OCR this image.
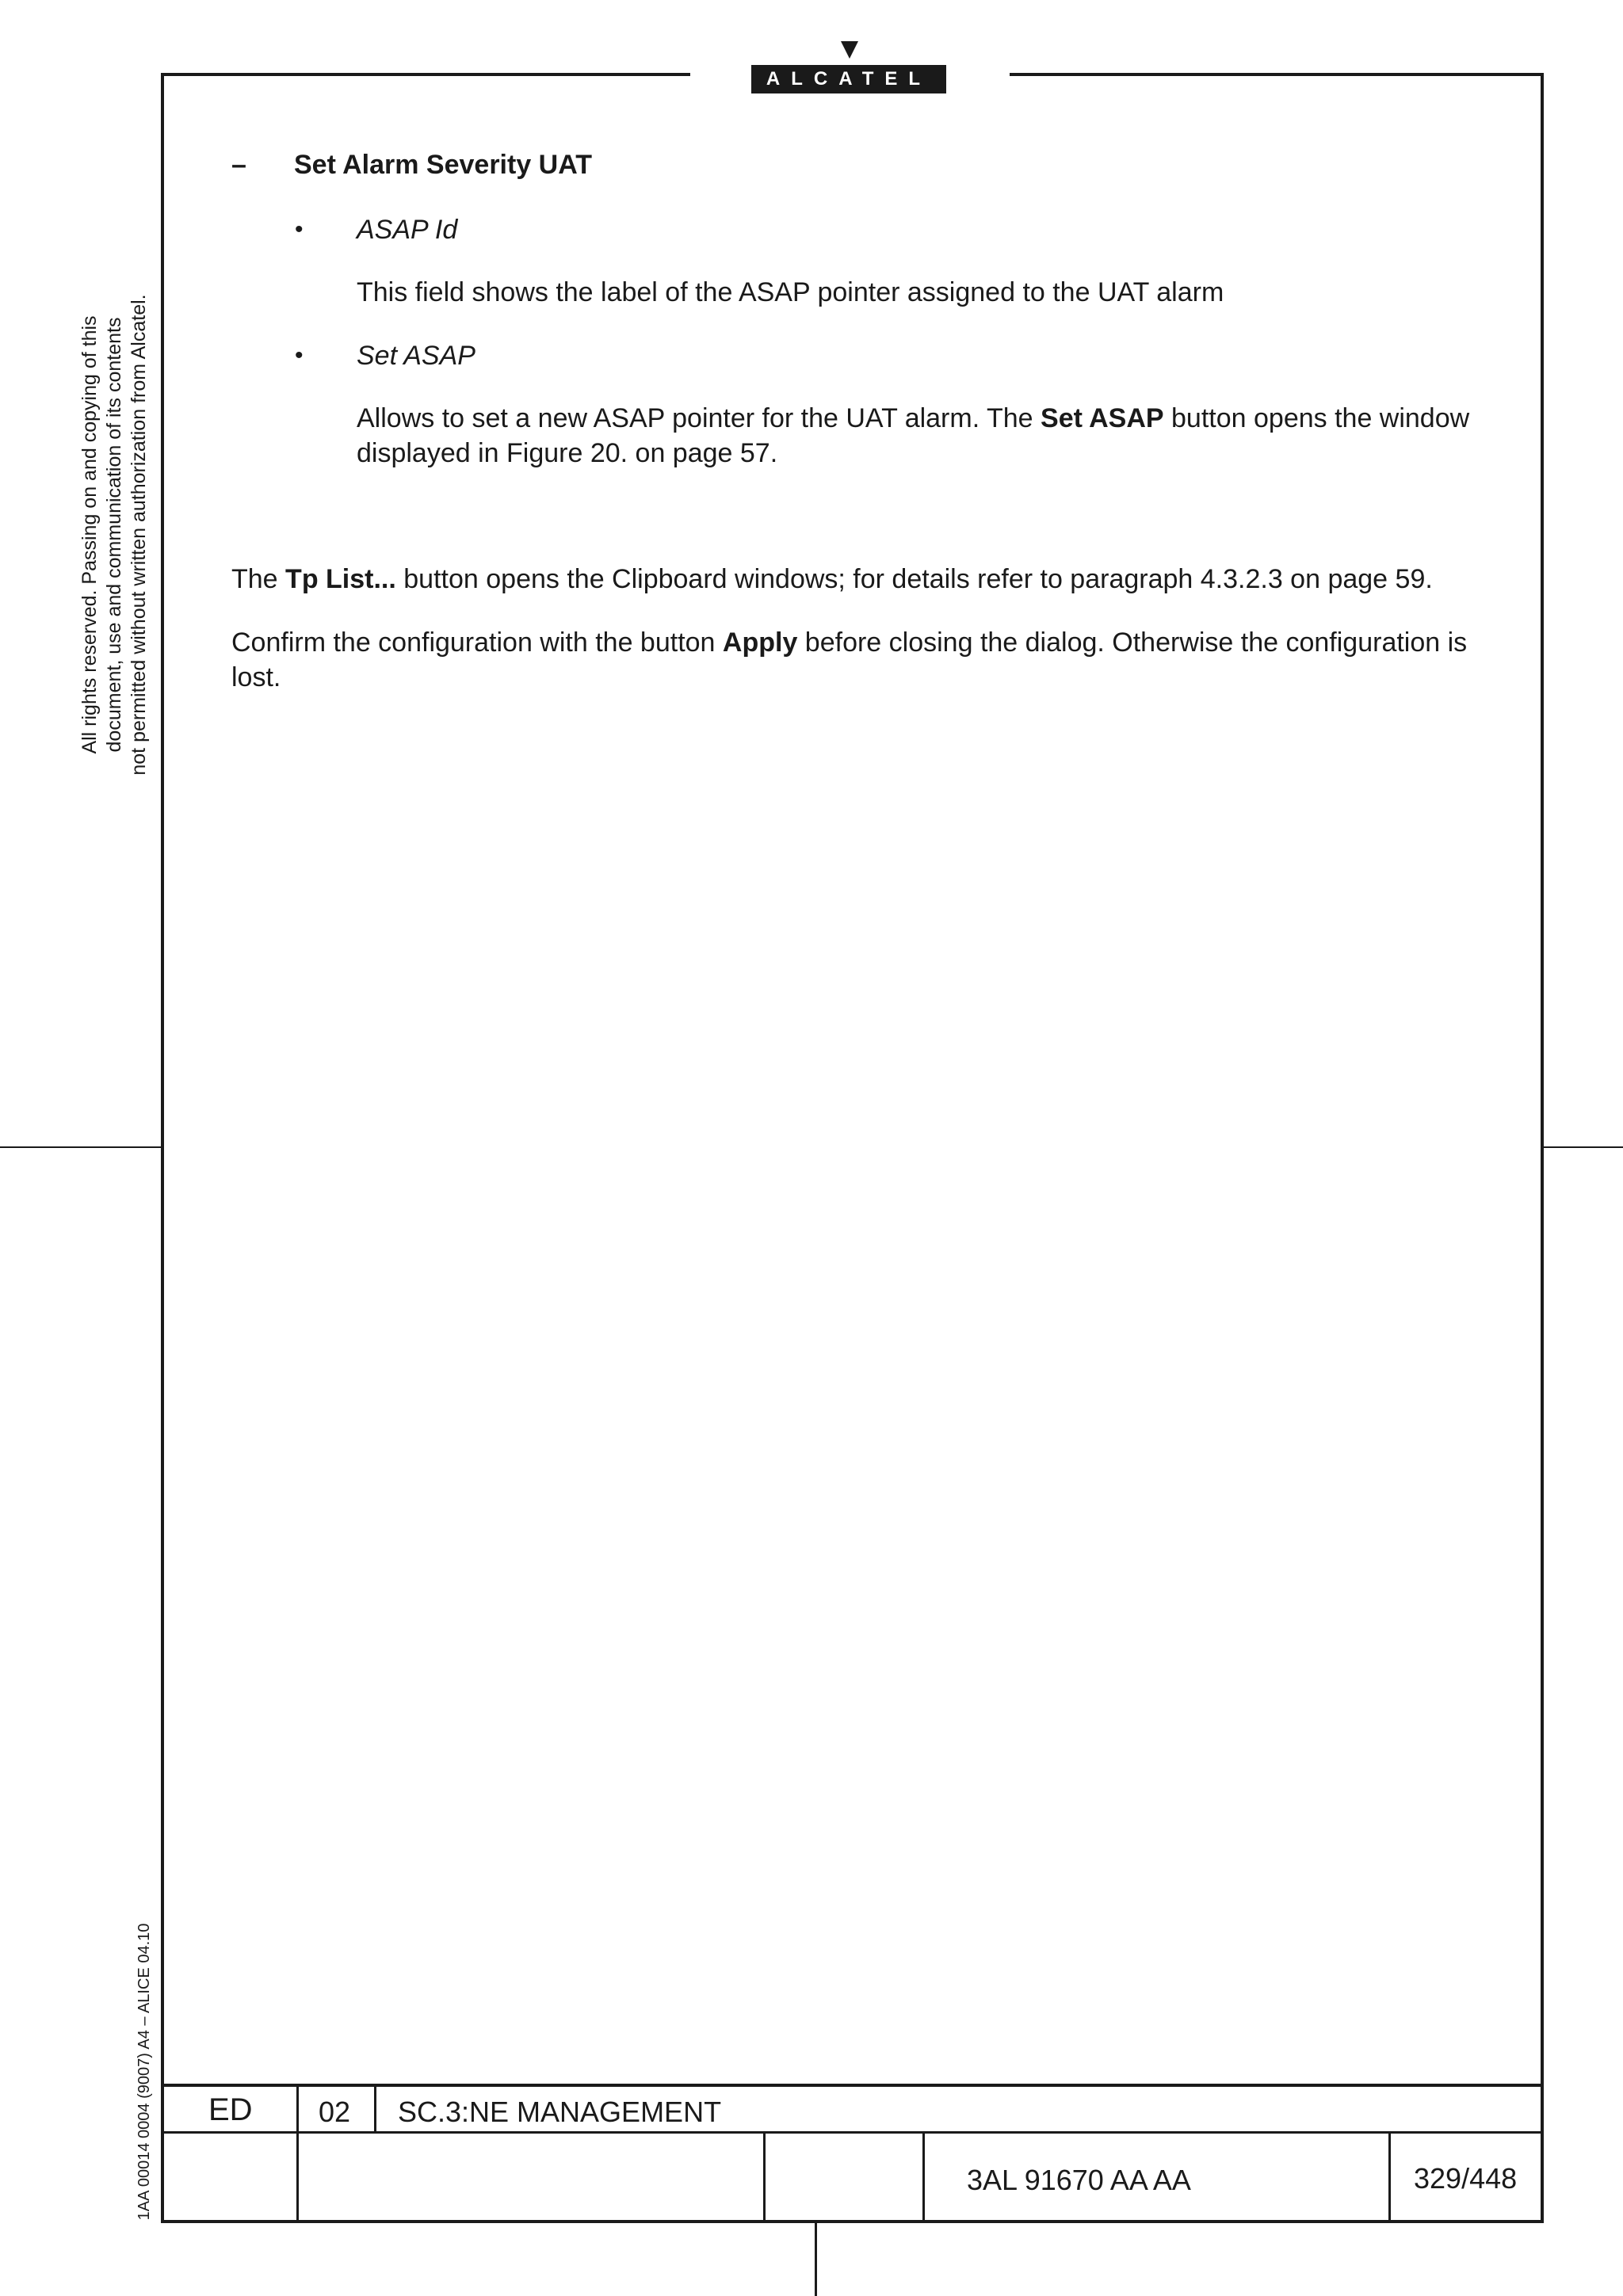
ALCATEL
All rights reserved. Passing on and copying of this document, use and communication of its contents not permitted without written authorization from Alcatel.
1AA 00014 0004 (9007) A4 – ALICE 04.10
– Set Alarm Severity UAT
• ASAP Id
This field shows the label of the ASAP pointer assigned to the UAT alarm
• Set ASAP
Allows to set a new ASAP pointer for the UAT alarm. The Set ASAP button opens the window displayed in Figure 20. on page 57.
The Tp List... button opens the Clipboard windows; for details refer to paragraph 4.3.2.3 on page 59.
Confirm the configuration with the button Apply before closing the dialog. Otherwise the configuration is lost.
ED 02 SC.3:NE MANAGEMENT
3AL 91670 AA AA	329/448
